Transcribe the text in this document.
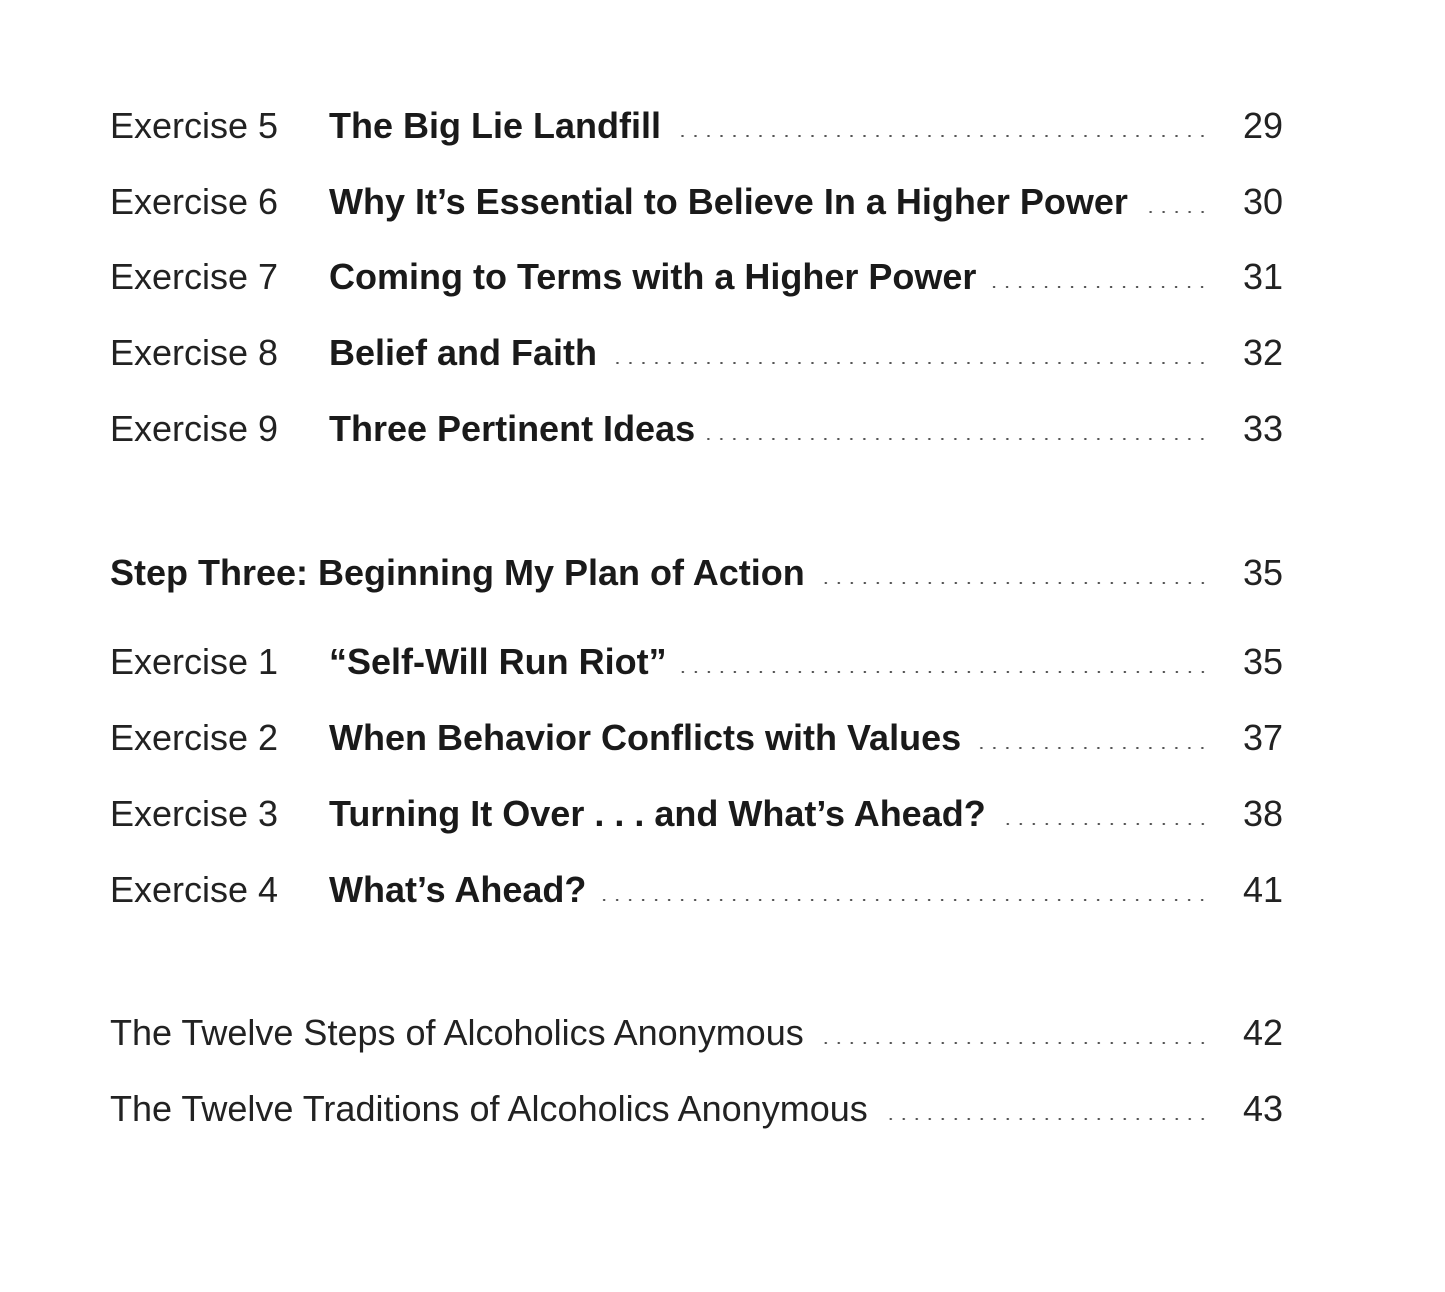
Exercise 5	The Big Lie Landfill	29
Exercise 6	Why It’s Essential to Believe In a Higher Power	30
Exercise 7	Coming to Terms with a Higher Power	31
Exercise 8	Belief and Faith	32
Exercise 9	Three Pertinent Ideas	33
Step Three: Beginning My Plan of Action	35
Exercise 1	“Self-Will Run Riot”	35
Exercise 2	When Behavior Conflicts with Values	37
Exercise 3	Turning It Over . . . and What’s Ahead?	38
Exercise 4	What’s Ahead?	41
The Twelve Steps of Alcoholics Anonymous	42
The Twelve Traditions of Alcoholics Anonymous	43
